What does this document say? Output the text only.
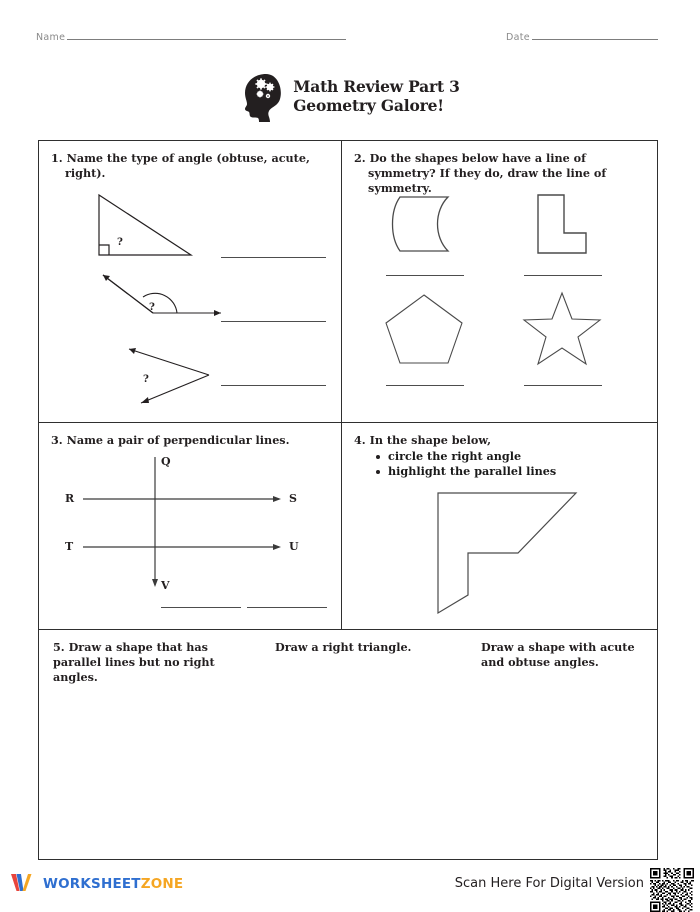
Name	Date
Math Review Part 3
Geometry Galore!
1. Name the type of angle (obtuse, acute, right).
?
?
?
2. Do the shapes below have a line of symmetry? If they do, draw the line of symmetry.
3. Name a pair of perpendicular lines.
Q
R	S
T	U
V
4. In the shape below,
circle the right angle
highlight the parallel lines
5. Draw a shape that has parallel lines but no right angles.
Draw a right triangle.	Draw a shape with acute and obtuse angles.
WORKSHEETZONE	Scan Here For Digital Version
